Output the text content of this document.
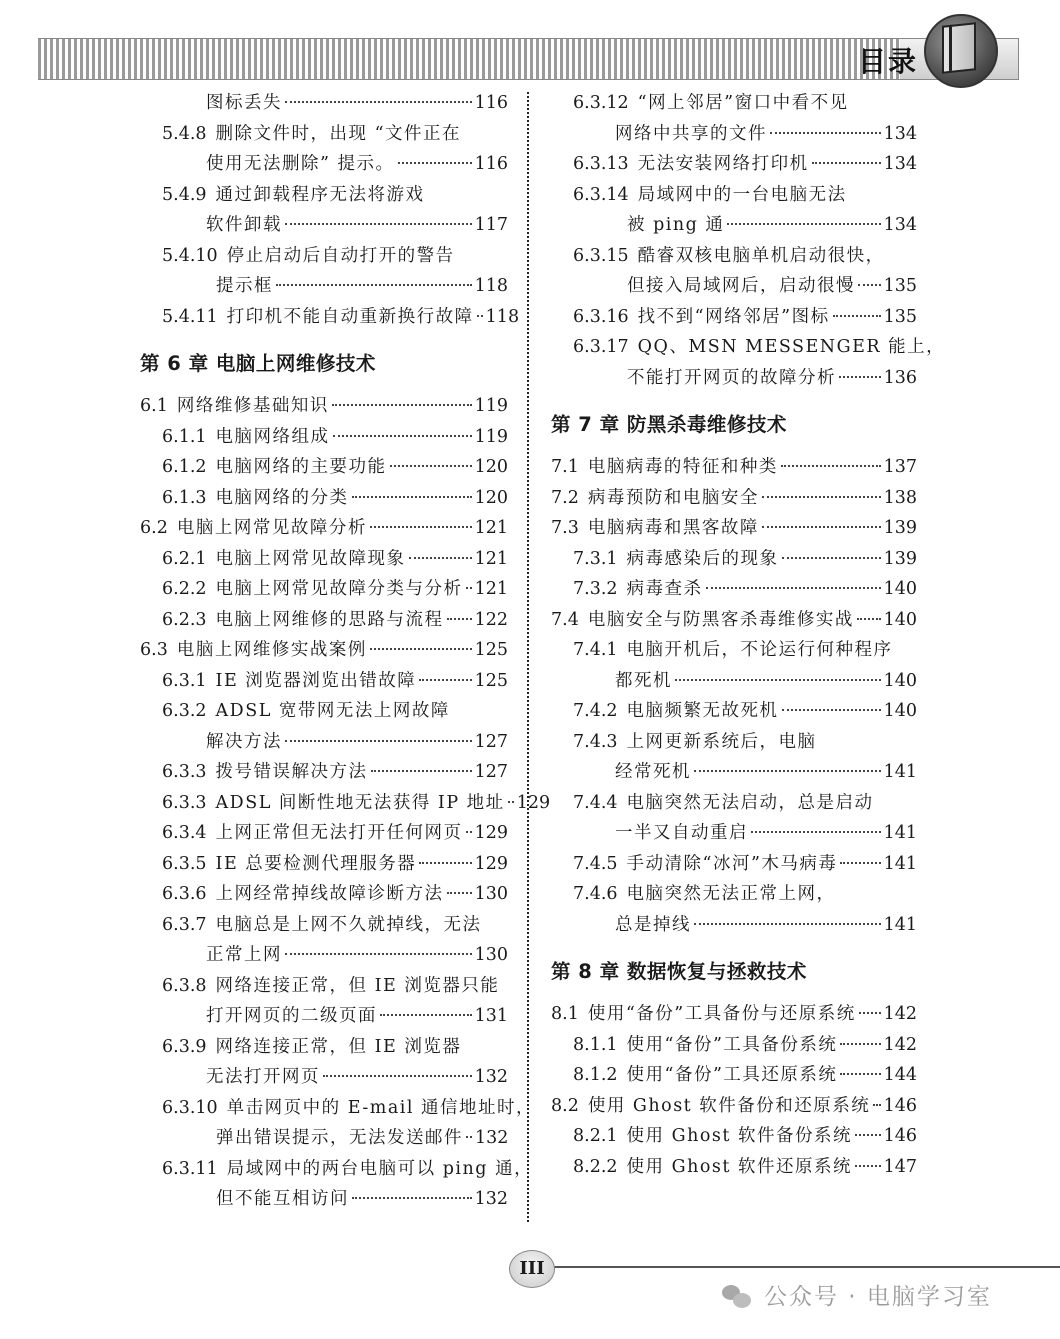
目录
图标丢失	116
5.4.8 删除文件时，出现 “文件正在
使用无法删除” 提示。	116
5.4.9 通过卸载程序无法将游戏
软件卸载	117
5.4.10 停止启动后自动打开的警告
提示框	118
5.4.11 打印机不能自动重新换行故障 118
第 6 章 电脑上网维修技术
6.1 网络维修基础知识	119
6.1.1 电脑网络组成	119
6.1.2 电脑网络的主要功能	120
6.1.3 电脑网络的分类	120
6.2 电脑上网常见故障分析	121
6.2.1 电脑上网常见故障现象	121
6.2.2 电脑上网常见故障分类与分析 121
6.2.3 电脑上网维修的思路与流程 122
6.3 电脑上网维修实战案例	125
6.3.1 IE 浏览器浏览出错故障	125
6.3.2 ADSL 宽带网无法上网故障
解决方法	127
6.3.3 拨号错误解决方法	127
6.3.3 ADSL 间断性地无法获得 IP 地址 129
6.3.4 上网正常但无法打开任何网页 129
6.3.5 IE 总要检测代理服务器	129
6.3.6 上网经常掉线故障诊断方法 130
6.3.7 电脑总是上网不久就掉线，无法
正常上网	130
6.3.8 网络连接正常，但 IE 浏览器只能
打开网页的二级页面	131
6.3.9 网络连接正常，但 IE 浏览器
无法打开网页	132
6.3.10 单击网页中的 E-mail 通信地址时，
弹出错误提示，无法发送邮件 132
6.3.11 局域网中的两台电脑可以 ping 通，
但不能互相访问	132
6.3.12 “网上邻居”窗口中看不见
网络中共享的文件	134
6.3.13 无法安装网络打印机	134
6.3.14 局域网中的一台电脑无法
被 ping 通	134
6.3.15 酷睿双核电脑单机启动很快，
但接入局域网后，启动很慢 135
6.3.16 找不到“网络邻居”图标	135
6.3.17 QQ、MSN MESSENGER 能上，
不能打开网页的故障分析	136
第 7 章 防黑杀毒维修技术
7.1 电脑病毒的特征和种类	137
7.2 病毒预防和电脑安全	138
7.3 电脑病毒和黑客故障	139
7.3.1 病毒感染后的现象	139
7.3.2 病毒查杀	140
7.4 电脑安全与防黑客杀毒维修实战 140
7.4.1 电脑开机后，不论运行何种程序
都死机	140
7.4.2 电脑频繁无故死机	140
7.4.3 上网更新系统后，电脑
经常死机	141
7.4.4 电脑突然无法启动，总是启动
一半又自动重启	141
7.4.5 手动清除“冰河”木马病毒	141
7.4.6 电脑突然无法正常上网，
总是掉线	141
第 8 章 数据恢复与拯救技术
8.1 使用“备份”工具备份与还原系统 142
8.1.1 使用“备份”工具备份系统	142
8.1.2 使用“备份”工具还原系统	144
8.2 使用 Ghost 软件备份和还原系统 146
8.2.1 使用 Ghost 软件备份系统 146
8.2.2 使用 Ghost 软件还原系统 147
III
公众号 · 电脑学习室
